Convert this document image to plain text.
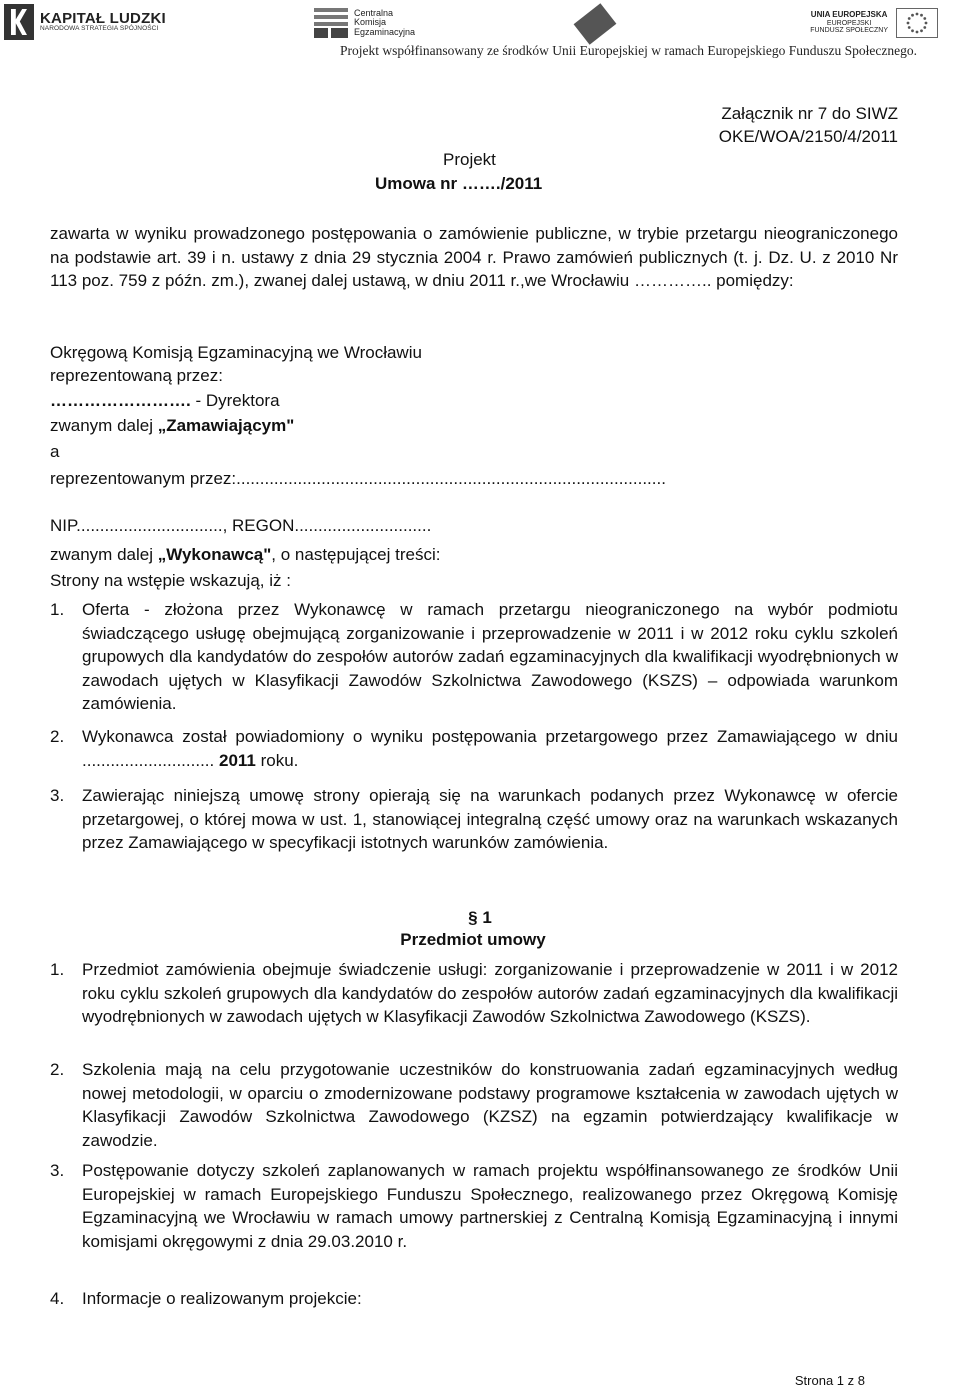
KAPITAŁ LUDZKI
NARODOWA STRATEGIA SPÓJNOŚCI
Centralna
Komisja
Egzaminacyjna
UNIA EUROPEJSKA
EUROPEJSKI
FUNDUSZ SPOŁECZNY
Projekt współfinansowany ze środków Unii Europejskiej w ramach Europejskiego Funduszu Społecznego.
Załącznik nr 7 do SIWZ
OKE/WOA/2150/4/2011
Projekt
Umowa nr ……./2011
zawarta w wyniku prowadzonego postępowania o zamówienie publiczne, w trybie przetargu nieograniczonego na podstawie art. 39 i n. ustawy z dnia 29 stycznia 2004 r. Prawo zamówień publicznych (t. j. Dz. U. z 2010 Nr 113 poz. 759 z późn. zm.), zwanej dalej ustawą, w dniu 2011 r.,we Wrocławiu ………….. pomiędzy:
Okręgową Komisją Egzaminacyjną we Wrocławiu
reprezentowaną przez:
……………………. - Dyrektora
zwanym dalej „Zamawiającym"
a
reprezentowanym przez:...........................................................................................
NIP..............................., REGON.............................
zwanym dalej „Wykonawcą", o następującej treści:
Strony na wstępie wskazują, iż :
1. Oferta - złożona przez Wykonawcę w ramach przetargu nieograniczonego na wybór podmiotu świadczącego usługę obejmującą zorganizowanie i przeprowadzenie w 2011 i w 2012 roku cyklu szkoleń grupowych dla kandydatów do zespołów autorów zadań egzaminacyjnych dla kwalifikacji wyodrębnionych w zawodach ujętych w Klasyfikacji Zawodów Szkolnictwa Zawodowego (KSZS) – odpowiada warunkom zamówienia.
2. Wykonawca został powiadomiony o wyniku postępowania przetargowego przez Zamawiającego w dniu ............................ 2011 roku.
3. Zawierając niniejszą umowę strony opierają się na warunkach podanych przez Wykonawcę w ofercie przetargowej, o której mowa w ust. 1, stanowiącej integralną część umowy oraz na warunkach wskazanych przez Zamawiającego w specyfikacji istotnych warunków zamówienia.
§ 1
Przedmiot umowy
1. Przedmiot zamówienia obejmuje świadczenie usługi: zorganizowanie i przeprowadzenie w 2011 i w 2012 roku cyklu szkoleń grupowych dla kandydatów do zespołów autorów zadań egzaminacyjnych dla kwalifikacji wyodrębnionych w zawodach ujętych w Klasyfikacji Zawodów Szkolnictwa Zawodowego (KSZS).
2. Szkolenia mają na celu przygotowanie uczestników do konstruowania zadań egzaminacyjnych według nowej metodologii, w oparciu o zmodernizowane podstawy programowe kształcenia w zawodach ujętych w Klasyfikacji Zawodów Szkolnictwa Zawodowego (KZSZ) na egzamin potwierdzający kwalifikacje w zawodzie.
3. Postępowanie dotyczy szkoleń zaplanowanych w ramach projektu współfinansowanego ze środków Unii Europejskiej w ramach Europejskiego Funduszu Społecznego, realizowanego przez Okręgową Komisję Egzaminacyjną we Wrocławiu w ramach umowy partnerskiej z Centralną Komisją Egzaminacyjną i innymi komisjami okręgowymi z dnia 29.03.2010 r.
4. Informacje o realizowanym projekcie:
Strona 1 z 8
